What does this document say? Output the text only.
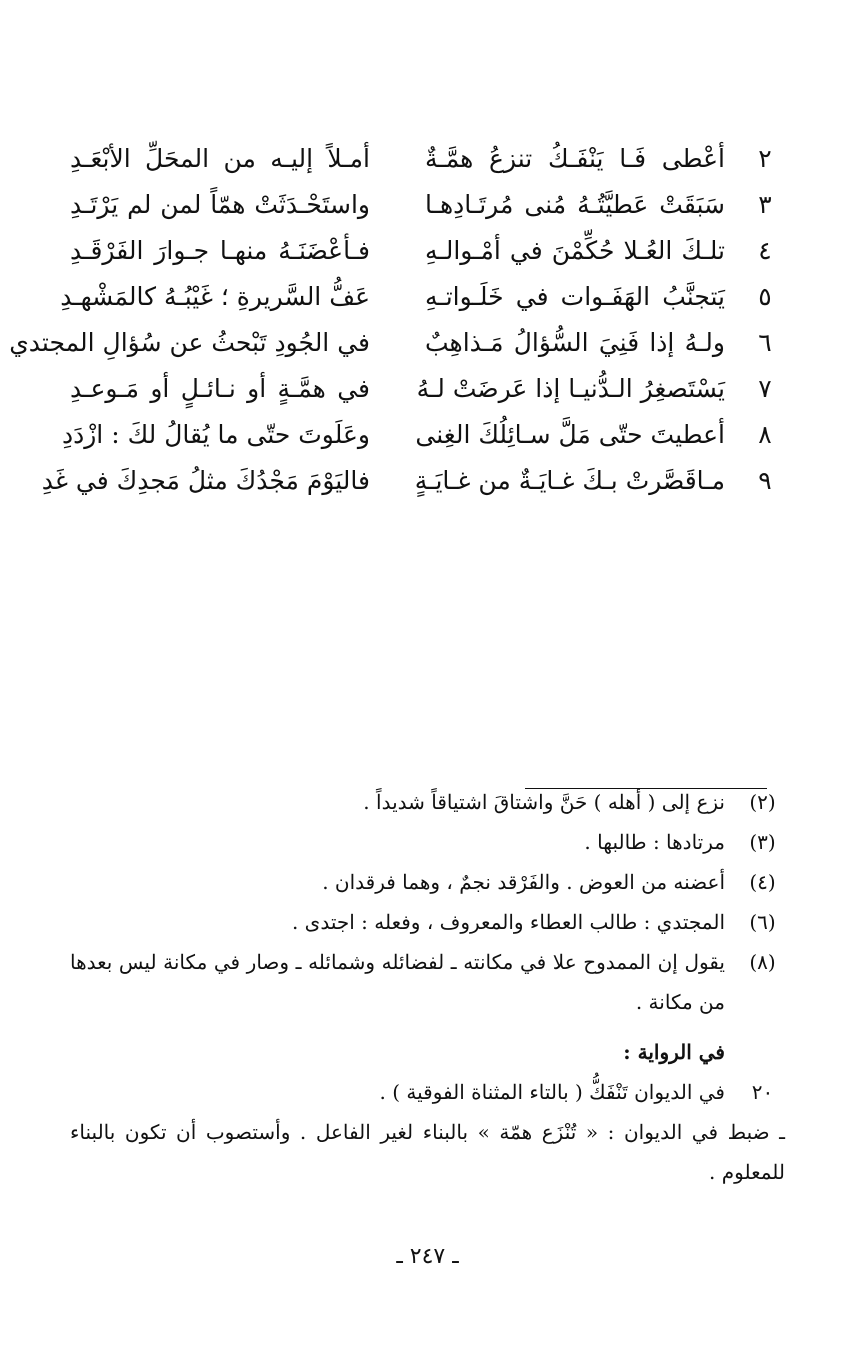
٢
أعْطى فَـا يَنْفَـكُ تنزعُ همَّـةٌ
أمـلاً إليـه من المحَلِّ الأبْعَـدِ
٣
سَبَقَتْ عَطيَّتُـهُ مُنى مُرتَـادِهـا
واستَحْـدَثَتْ همّاً لمن لم يَرْتَـدِ
٤
تلـكَ العُـلا حُكِّمْنَ في أمْـوالـهِ
فـأعْضَنَـهُ منهـا جـوارَ الفَرْقَـدِ
٥
يَتجنَّبُ الهَفَـوات في خَلَـواتـهِ
عَفُّ السَّريرةِ ؛ غَيْبُـهُ كالمَشْهـدِ
٦
ولـهُ إذا فَنِيَ السُّؤالُ مَـذاهِبٌ
في الجُودِ تَبْحثُ عن سُؤالِ المجتدي
٧
يَسْتَصغِرُ الـدُّنيـا إذا عَرضَتْ لـهُ
في همَّـةٍ أو نـائـلٍ أو مَـوعـدِ
٨
أعطيتَ حتّى مَلَّ سـائِلُكَ الغِنى
وعَلَوتَ حتّى ما يُقالُ لكَ : ازْدَدِ
٩
مـاقَصَّرتْ بـكَ غـايَـةٌ من غـايَـةٍ
فاليَوْمَ مَجْدُكَ مثلُ مَجدِكَ في غَدِ
(٢)
نزع إلى ( أهله ) حَنَّ واشتاقَ اشتياقاً شديداً .
(٣)
مرتادها : طالبها .
(٤)
أعضنه من العوض . والفَرْقد نجمٌ ، وهما فرقدان .
(٦)
المجتدي : طالب العطاء والمعروف ، وفعله : اجتدى .
(٨)
يقول إن الممدوح علا في مكانته ـ لفضائله وشمائله ـ وصار في مكانة ليس بعدها من مكانة .
في الرواية :
٢٠
في الديوان تَنْفَكُّ ( بالتاء المثناة الفوقية ) .
ـ ضبط في الديوان : « تُنْزَع همّة » بالبناء لغير الفاعل . وأستصوب أن تكون بالبناء للمعلوم .
ـ ٢٤٧ ـ
